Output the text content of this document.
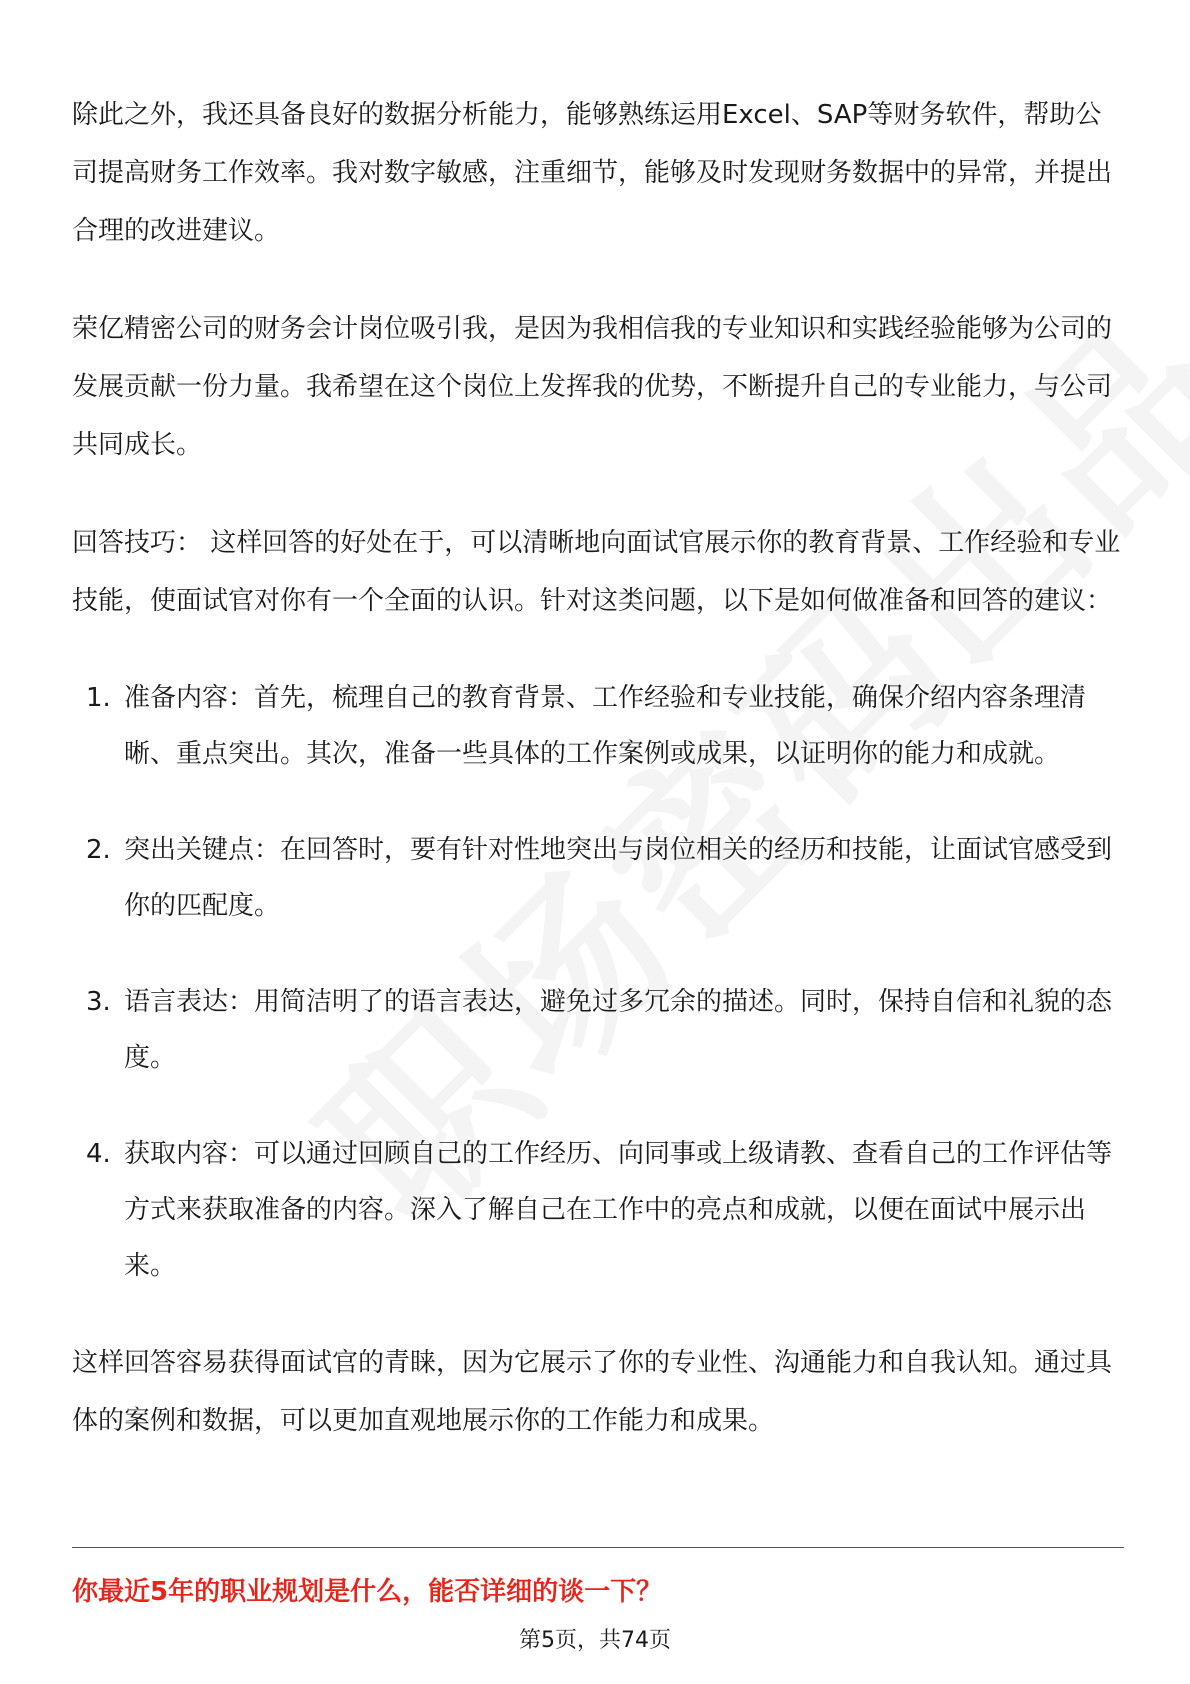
除此之外，我还具备良好的数据分析能力，能够熟练运用Excel、SAP等财务软件，帮助公司提高财务工作效率。我对数字敏感，注重细节，能够及时发现财务数据中的异常，并提出合理的改进建议。

荣亿精密公司的财务会计岗位吸引我，是因为我相信我的专业知识和实践经验能够为公司的发展贡献一份力量。我希望在这个岗位上发挥我的优势，不断提升自己的专业能力，与公司共同成长。

回答技巧： 这样回答的好处在于，可以清晰地向面试官展示你的教育背景、工作经验和专业技能，使面试官对你有一个全面的认识。针对这类问题，以下是如何做准备和回答的建议：

1. 准备内容：首先，梳理自己的教育背景、工作经验和专业技能，确保介绍内容条理清晰、重点突出。其次，准备一些具体的工作案例或成果，以证明你的能力和成就。
2. 突出关键点：在回答时，要有针对性地突出与岗位相关的经历和技能，让面试官感受到你的匹配度。
3. 语言表达：用简洁明了的语言表达，避免过多冗余的描述。同时，保持自信和礼貌的态度。
4. 获取内容：可以通过回顾自己的工作经历、向同事或上级请教、查看自己的工作评估等方式来获取准备的内容。深入了解自己在工作中的亮点和成就，以便在面试中展示出来。

这样回答容易获得面试官的青睐，因为它展示了你的专业性、沟通能力和自我认知。通过具体的案例和数据，可以更加直观地展示你的工作能力和成果。

你最近5年的职业规划是什么，能否详细的谈一下？
第5页，共74页
